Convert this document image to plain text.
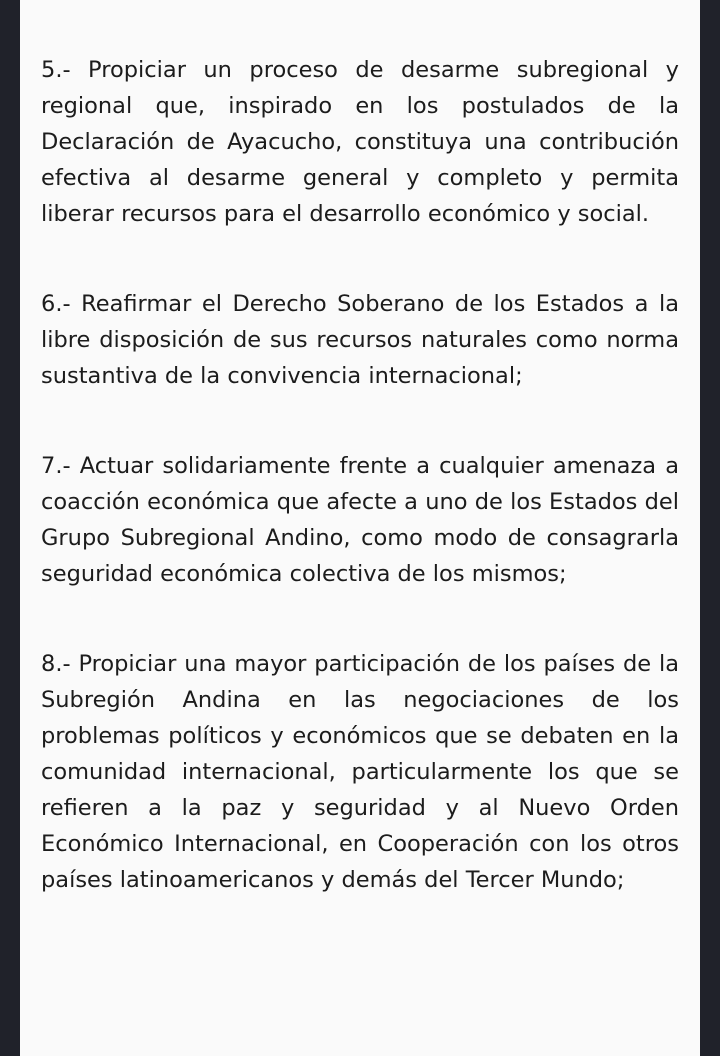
5.- Propiciar un proceso de desarme subregional y regional que, inspirado en los postulados de la Declaración de Ayacucho, constituya una contribución efectiva al desarme general y completo y permita liberar recursos para el desarrollo económico y social.

6.- Reafirmar el Derecho Soberano de los Estados a la libre disposición de sus recursos naturales como norma sustantiva de la convivencia internacional;

7.- Actuar solidariamente frente a cualquier amenaza a coacción económica que afecte a uno de los Estados del Grupo Subregional Andino, como modo de consagrarla seguridad económica colectiva de los mismos;

8.- Propiciar una mayor participación de los países de la Subregión Andina en las negociaciones de los problemas políticos y económicos que se debaten en la comunidad internacional, particularmente los que se refieren a la paz y seguridad y al Nuevo Orden Económico Internacional, en Cooperación con los otros países latinoamericanos y demás del Tercer Mundo;
